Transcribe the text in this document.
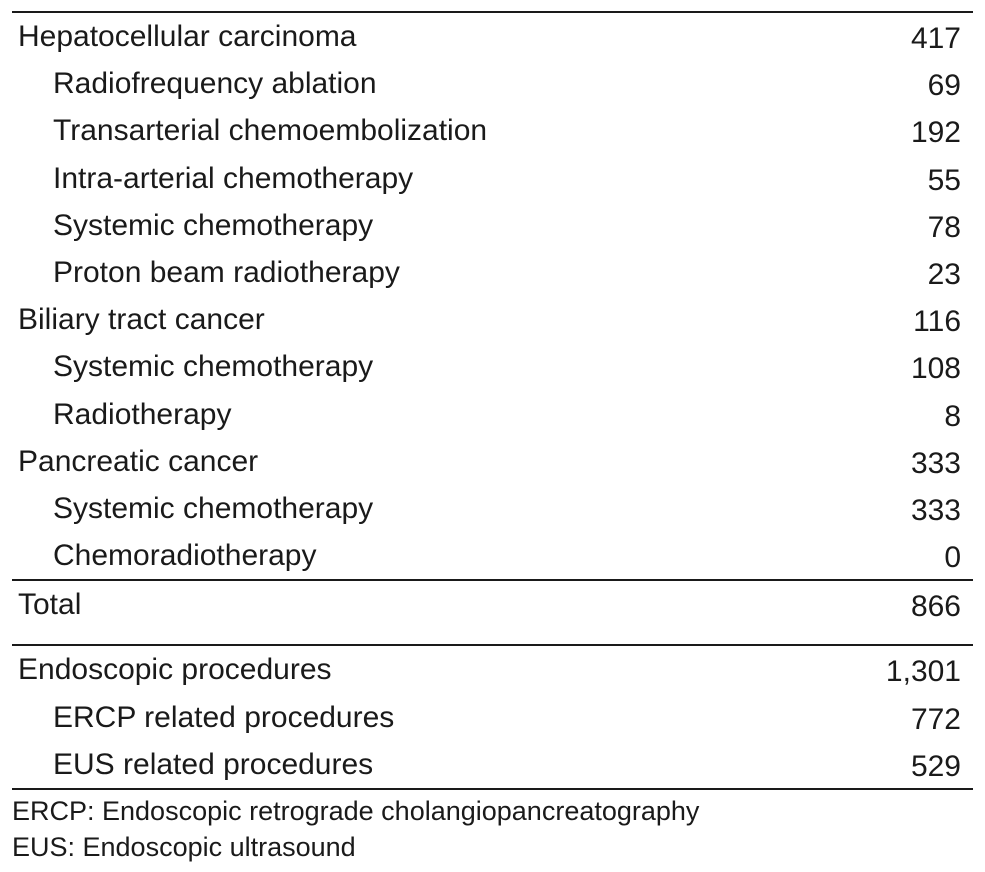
Hepatocellular carcinoma	417
Radiofrequency ablation	69
Transarterial chemoembolization	192
Intra-arterial chemotherapy	55
Systemic chemotherapy	78
Proton beam radiotherapy	23
Biliary tract cancer	116
Systemic chemotherapy	108
Radiotherapy	8
Pancreatic cancer	333
Systemic chemotherapy	333
Chemoradiotherapy	0
Total	866
Endoscopic procedures	1,301
ERCP related procedures	772
EUS related procedures	529
ERCP: Endoscopic retrograde cholangiopancreatography
EUS: Endoscopic ultrasound
